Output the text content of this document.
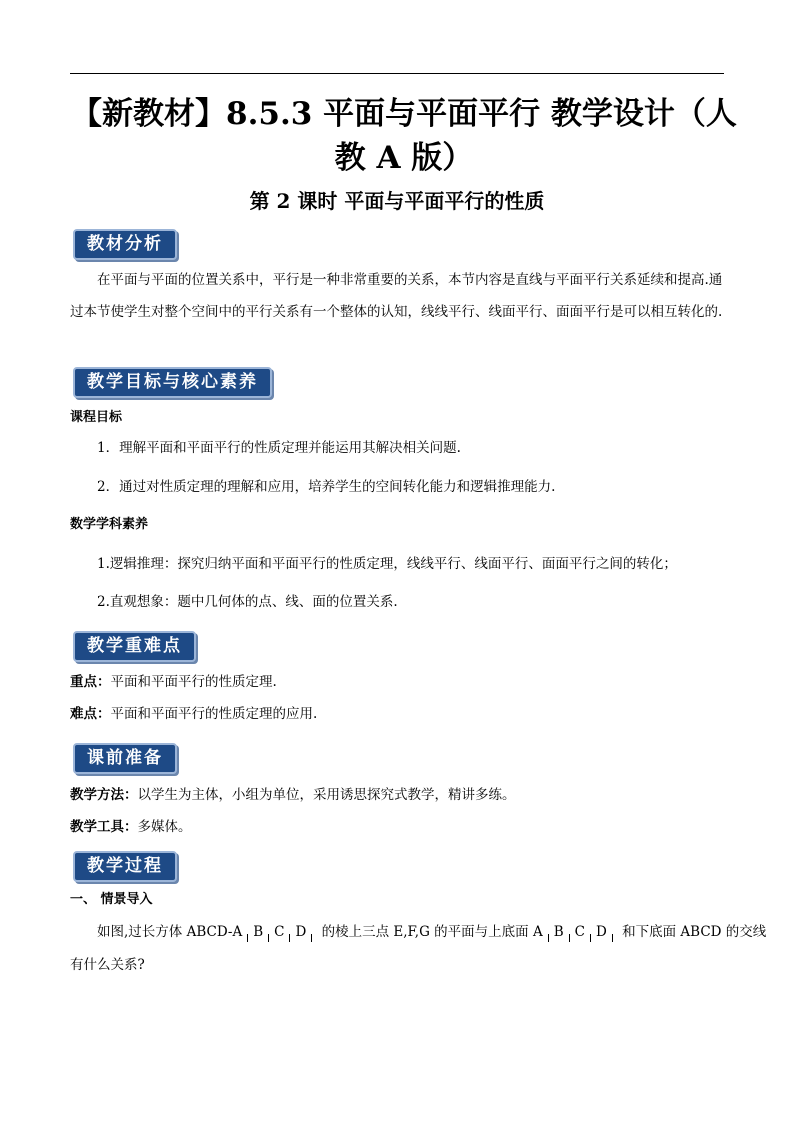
【新教材】8.5.3 平面与平面平行 教学设计（人教 A 版）
第 2 课时 平面与平面平行的性质
教材分析

在平面与平面的位置关系中，平行是一种非常重要的关系，本节内容是直线与平面平行关系延续和提高.通过本节使学生对整个空间中的平行关系有一个整体的认知，线线平行、线面平行、面面平行是可以相互转化的.

教学目标与核心素养
课程目标
1．理解平面和平面平行的性质定理并能运用其解决相关问题.
2．通过对性质定理的理解和应用，培养学生的空间转化能力和逻辑推理能力.
数学学科素养
1.逻辑推理：探究归纳平面和平面平行的性质定理，线线平行、线面平行、面面平行之间的转化；
2.直观想象：题中几何体的点、线、面的位置关系.
教学重难点
重点：平面和平面平行的性质定理.
难点：平面和平面平行的性质定理的应用.
课前准备
教学方法：以学生为主体，小组为单位，采用诱思探究式教学，精讲多练。
教学工具：多媒体。
教学过程
一、 情景导入
如图,过长方体 ABCD-A B C D 的棱上三点 E,F,G 的平面与上底面 A B C D 和下底面 ABCD 的交线
有什么关系?
